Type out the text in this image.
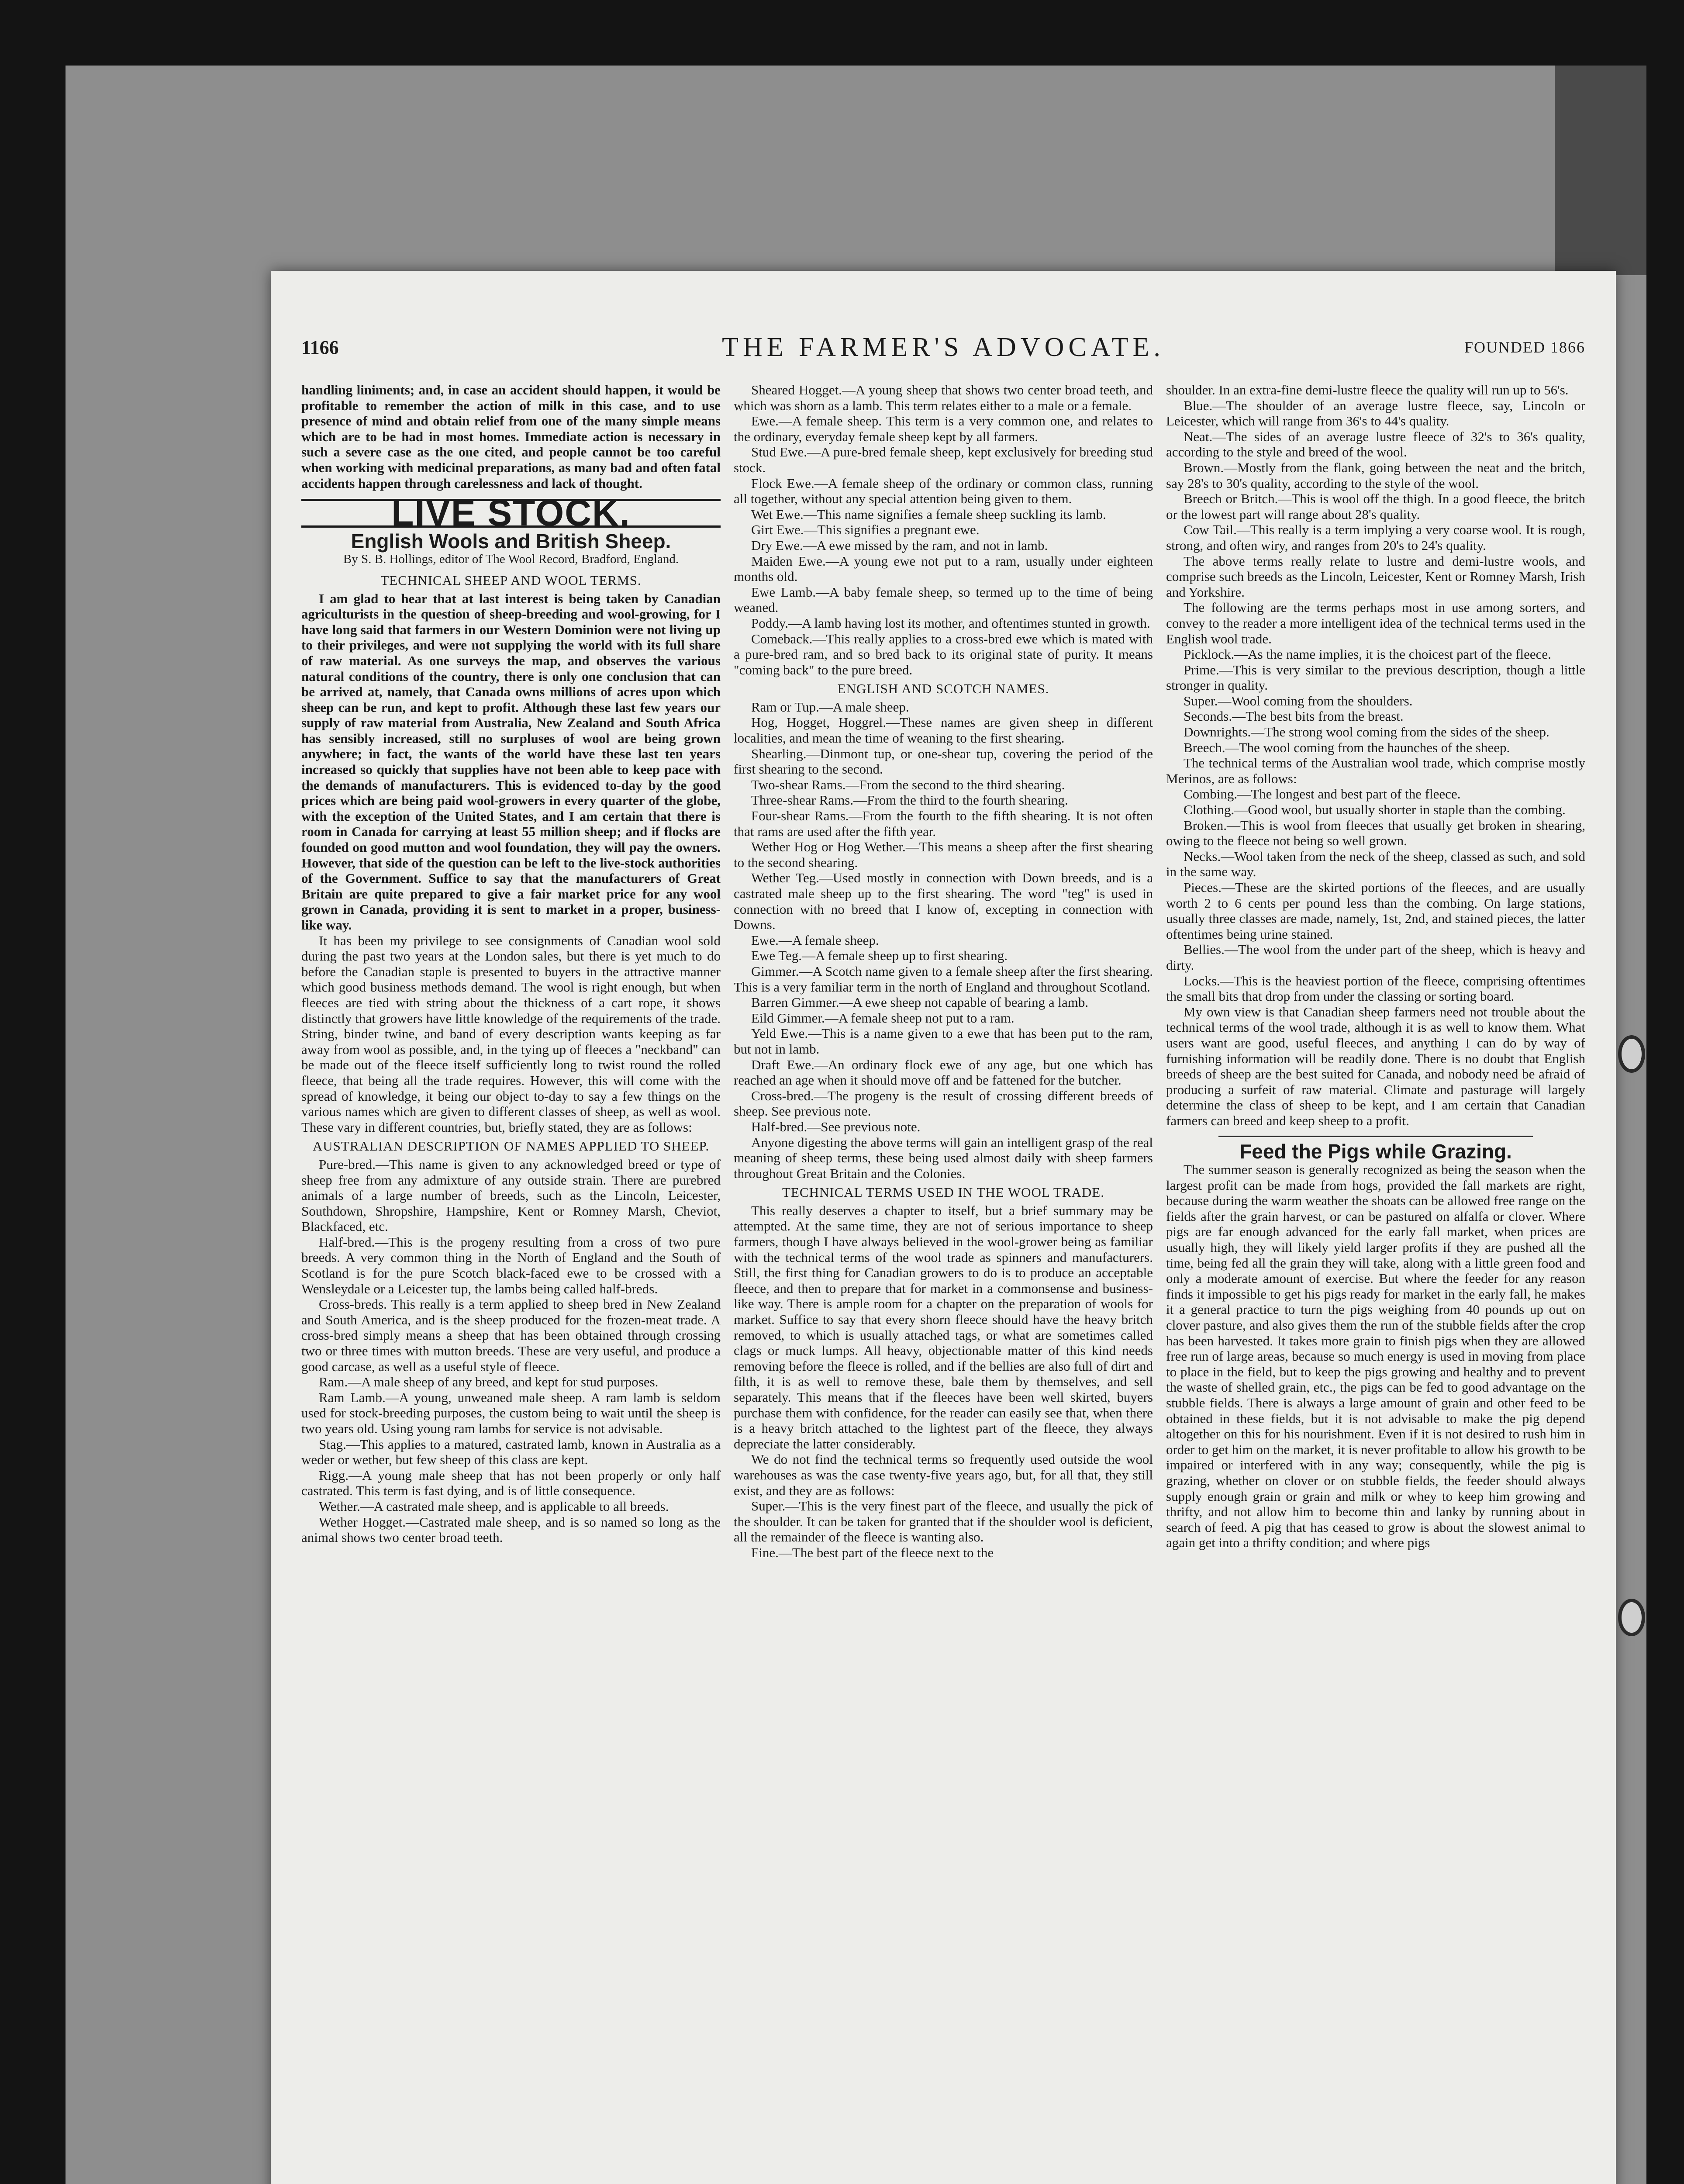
1166	THE FARMER'S ADVOCATE.	FOUNDED 1866

handling liniments; and, in case an accident should happen, it would be profitable to remember the action of milk in this case, and to use presence of mind and obtain relief from one of the many simple means which are to be had in most homes. Immediate action is necessary in such a severe case as the one cited, and people cannot be too careful when working with medicinal preparations, as many bad and often fatal accidents happen through carelessness and lack of thought.

LIVE STOCK.
English Wools and British Sheep.
By S. B. Hollings, editor of The Wool Record, Bradford, England.
TECHNICAL SHEEP AND WOOL TERMS.

I am glad to hear that at last interest is being taken by Canadian agriculturists in the question of sheep-breeding and wool-growing, for I have long said that farmers in our Western Dominion were not living up to their privileges, and were not supplying the world with its full share of raw material. As one surveys the map, and observes the various natural conditions of the country, there is only one conclusion that can be arrived at, namely, that Canada owns millions of acres upon which sheep can be run, and kept to profit. Although these last few years our supply of raw material from Australia, New Zealand and South Africa has sensibly increased, still no surpluses of wool are being grown anywhere; in fact, the wants of the world have these last ten years increased so quickly that supplies have not been able to keep pace with the demands of manufacturers. This is evidenced to-day by the good prices which are being paid wool-growers in every quarter of the globe, with the exception of the United States, and I am certain that there is room in Canada for carrying at least 55 million sheep; and if flocks are founded on good mutton and wool foundation, they will pay the owners. However, that side of the question can be left to the live-stock authorities of the Government. Suffice to say that the manufacturers of Great Britain are quite prepared to give a fair market price for any wool grown in Canada, providing it is sent to market in a proper, business-like way.

It has been my privilege to see consignments of Canadian wool sold during the past two years at the London sales, but there is yet much to do before the Canadian staple is presented to buyers in the attractive manner which good business methods demand. The wool is right enough, but when fleeces are tied with string about the thickness of a cart rope, it shows distinctly that growers have little knowledge of the requirements of the trade. String, binder twine, and band of every description wants keeping as far away from wool as possible, and, in the tying up of fleeces a "neckband" can be made out of the fleece itself sufficiently long to twist round the rolled fleece, that being all the trade requires. However, this will come with the spread of knowledge, it being our object to-day to say a few things on the various names which are given to different classes of sheep, as well as wool. These vary in different countries, but, briefly stated, they are as follows:

AUSTRALIAN DESCRIPTION OF NAMES APPLIED TO SHEEP.

Pure-bred.—This name is given to any acknowledged breed or type of sheep free from any admixture of any outside strain. There are purebred animals of a large number of breeds, such as the Lincoln, Leicester, Southdown, Shropshire, Hampshire, Kent or Romney Marsh, Cheviot, Blackfaced, etc.

Half-bred.—This is the progeny resulting from a cross of two pure breeds. A very common thing in the North of England and the South of Scotland is for the pure Scotch black-faced ewe to be crossed with a Wensleydale or a Leicester tup, the lambs being called half-breds.

Cross-breds. This really is a term applied to sheep bred in New Zealand and South America, and is the sheep produced for the frozen-meat trade. A cross-bred simply means a sheep that has been obtained through crossing two or three times with mutton breeds. These are very useful, and produce a good carcase, as well as a useful style of fleece.

Ram.—A male sheep of any breed, and kept for stud purposes.

Ram Lamb.—A young, unweaned male sheep. A ram lamb is seldom used for stock-breeding purposes, the custom being to wait until the sheep is two years old. Using young ram lambs for service is not advisable.

Stag.—This applies to a matured, castrated lamb, known in Australia as a weder or wether, but few sheep of this class are kept.

Rigg.—A young male sheep that has not been properly or only half castrated. This term is fast dying, and is of little consequence.

Wether.—A castrated male sheep, and is applicable to all breeds.

Wether Hogget.—Castrated male sheep, and is so named so long as the animal shows two center broad teeth.

Sheared Hogget.—A young sheep that shows two center broad teeth, and which was shorn as a lamb. This term relates either to a male or a female.

Ewe.—A female sheep. This term is a very common one, and relates to the ordinary, everyday female sheep kept by all farmers.

Stud Ewe.—A pure-bred female sheep, kept exclusively for breeding stud stock.

Flock Ewe.—A female sheep of the ordinary or common class, running all together, without any special attention being given to them.

Wet Ewe.—This name signifies a female sheep suckling its lamb.

Girt Ewe.—This signifies a pregnant ewe.

Dry Ewe.—A ewe missed by the ram, and not in lamb.

Maiden Ewe.—A young ewe not put to a ram, usually under eighteen months old.

Ewe Lamb.—A baby female sheep, so termed up to the time of being weaned.

Poddy.—A lamb having lost its mother, and oftentimes stunted in growth.

Comeback.—This really applies to a cross-bred ewe which is mated with a pure-bred ram, and so bred back to its original state of purity. It means "coming back" to the pure breed.

ENGLISH AND SCOTCH NAMES.

Ram or Tup.—A male sheep.

Hog, Hogget, Hoggrel.—These names are given sheep in different localities, and mean the time of weaning to the first shearing.

Shearling.—Dinmont tup, or one-shear tup, covering the period of the first shearing to the second.

Two-shear Rams.—From the second to the third shearing.

Three-shear Rams.—From the third to the fourth shearing.

Four-shear Rams.—From the fourth to the fifth shearing. It is not often that rams are used after the fifth year.

Wether Hog or Hog Wether.—This means a sheep after the first shearing to the second shearing.

Wether Teg.—Used mostly in connection with Down breeds, and is a castrated male sheep up to the first shearing. The word "teg" is used in connection with no breed that I know of, excepting in connection with Downs.

Ewe.—A female sheep.

Ewe Teg.—A female sheep up to first shearing.

Gimmer.—A Scotch name given to a female sheep after the first shearing. This is a very familiar term in the north of England and throughout Scotland.

Barren Gimmer.—A ewe sheep not capable of bearing a lamb.

Eild Gimmer.—A female sheep not put to a ram.

Yeld Ewe.—This is a name given to a ewe that has been put to the ram, but not in lamb.

Draft Ewe.—An ordinary flock ewe of any age, but one which has reached an age when it should move off and be fattened for the butcher.

Cross-bred.—The progeny is the result of crossing different breeds of sheep. See previous note.

Half-bred.—See previous note.

Anyone digesting the above terms will gain an intelligent grasp of the real meaning of sheep terms, these being used almost daily with sheep farmers throughout Great Britain and the Colonies.

TECHNICAL TERMS USED IN THE WOOL TRADE.

This really deserves a chapter to itself, but a brief summary may be attempted. At the same time, they are not of serious importance to sheep farmers, though I have always believed in the wool-grower being as familiar with the technical terms of the wool trade as spinners and manufacturers. Still, the first thing for Canadian growers to do is to produce an acceptable fleece, and then to prepare that for market in a commonsense and business-like way. There is ample room for a chapter on the preparation of wools for market. Suffice to say that every shorn fleece should have the heavy britch removed, to which is usually attached tags, or what are sometimes called clags or muck lumps. All heavy, objectionable matter of this kind needs removing before the fleece is rolled, and if the bellies are also full of dirt and filth, it is as well to remove these, bale them by themselves, and sell separately. This means that if the fleeces have been well skirted, buyers purchase them with confidence, for the reader can easily see that, when there is a heavy britch attached to the lightest part of the fleece, they always depreciate the latter considerably.

We do not find the technical terms so frequently used outside the wool warehouses as was the case twenty-five years ago, but, for all that, they still exist, and they are as follows:

Super.—This is the very finest part of the fleece, and usually the pick of the shoulder. It can be taken for granted that if the shoulder wool is deficient, all the remainder of the fleece is wanting also.

Fine.—The best part of the fleece next to the

shoulder. In an extra-fine demi-lustre fleece the quality will run up to 56's.

Blue.—The shoulder of an average lustre fleece, say, Lincoln or Leicester, which will range from 36's to 44's quality.

Neat.—The sides of an average lustre fleece of 32's to 36's quality, according to the style and breed of the wool.

Brown.—Mostly from the flank, going between the neat and the britch, say 28's to 30's quality, according to the style of the wool.

Breech or Britch.—This is wool off the thigh. In a good fleece, the britch or the lowest part will range about 28's quality.

Cow Tail.—This really is a term implying a very coarse wool. It is rough, strong, and often wiry, and ranges from 20's to 24's quality.

The above terms really relate to lustre and demi-lustre wools, and comprise such breeds as the Lincoln, Leicester, Kent or Romney Marsh, Irish and Yorkshire.

The following are the terms perhaps most in use among sorters, and convey to the reader a more intelligent idea of the technical terms used in the English wool trade.

Picklock.—As the name implies, it is the choicest part of the fleece.

Prime.—This is very similar to the previous description, though a little stronger in quality.

Super.—Wool coming from the shoulders.

Seconds.—The best bits from the breast.

Downrights.—The strong wool coming from the sides of the sheep.

Breech.—The wool coming from the haunches of the sheep.

The technical terms of the Australian wool trade, which comprise mostly Merinos, are as follows:

Combing.—The longest and best part of the fleece.

Clothing.—Good wool, but usually shorter in staple than the combing.

Broken.—This is wool from fleeces that usually get broken in shearing, owing to the fleece not being so well grown.

Necks.—Wool taken from the neck of the sheep, classed as such, and sold in the same way.

Pieces.—These are the skirted portions of the fleeces, and are usually worth 2 to 6 cents per pound less than the combing. On large stations, usually three classes are made, namely, 1st, 2nd, and stained pieces, the latter oftentimes being urine stained.

Bellies.—The wool from the under part of the sheep, which is heavy and dirty.

Locks.—This is the heaviest portion of the fleece, comprising oftentimes the small bits that drop from under the classing or sorting board.

My own view is that Canadian sheep farmers need not trouble about the technical terms of the wool trade, although it is as well to know them. What users want are good, useful fleeces, and anything I can do by way of furnishing information will be readily done. There is no doubt that English breeds of sheep are the best suited for Canada, and nobody need be afraid of producing a surfeit of raw material. Climate and pasturage will largely determine the class of sheep to be kept, and I am certain that Canadian farmers can breed and keep sheep to a profit.

Feed the Pigs while Grazing.

The summer season is generally recognized as being the season when the largest profit can be made from hogs, provided the fall markets are right, because during the warm weather the shoats can be allowed free range on the fields after the grain harvest, or can be pastured on alfalfa or clover. Where pigs are far enough advanced for the early fall market, when prices are usually high, they will likely yield larger profits if they are pushed all the time, being fed all the grain they will take, along with a little green food and only a moderate amount of exercise. But where the feeder for any reason finds it impossible to get his pigs ready for market in the early fall, he makes it a general practice to turn the pigs weighing from 40 pounds up out on clover pasture, and also gives them the run of the stubble fields after the crop has been harvested. It takes more grain to finish pigs when they are allowed free run of large areas, because so much energy is used in moving from place to place in the field, but to keep the pigs growing and healthy and to prevent the waste of shelled grain, etc., the pigs can be fed to good advantage on the stubble fields. There is always a large amount of grain and other feed to be obtained in these fields, but it is not advisable to make the pig depend altogether on this for his nourishment. Even if it is not desired to rush him in order to get him on the market, it is never profitable to allow his growth to be impaired or interfered with in any way; consequently, while the pig is grazing, whether on clover or on stubble fields, the feeder should always supply enough grain or grain and milk or whey to keep him growing and thrifty, and not allow him to become thin and lanky by running about in search of feed. A pig that has ceased to grow is about the slowest animal to again get into a thrifty condition; and where pigs
